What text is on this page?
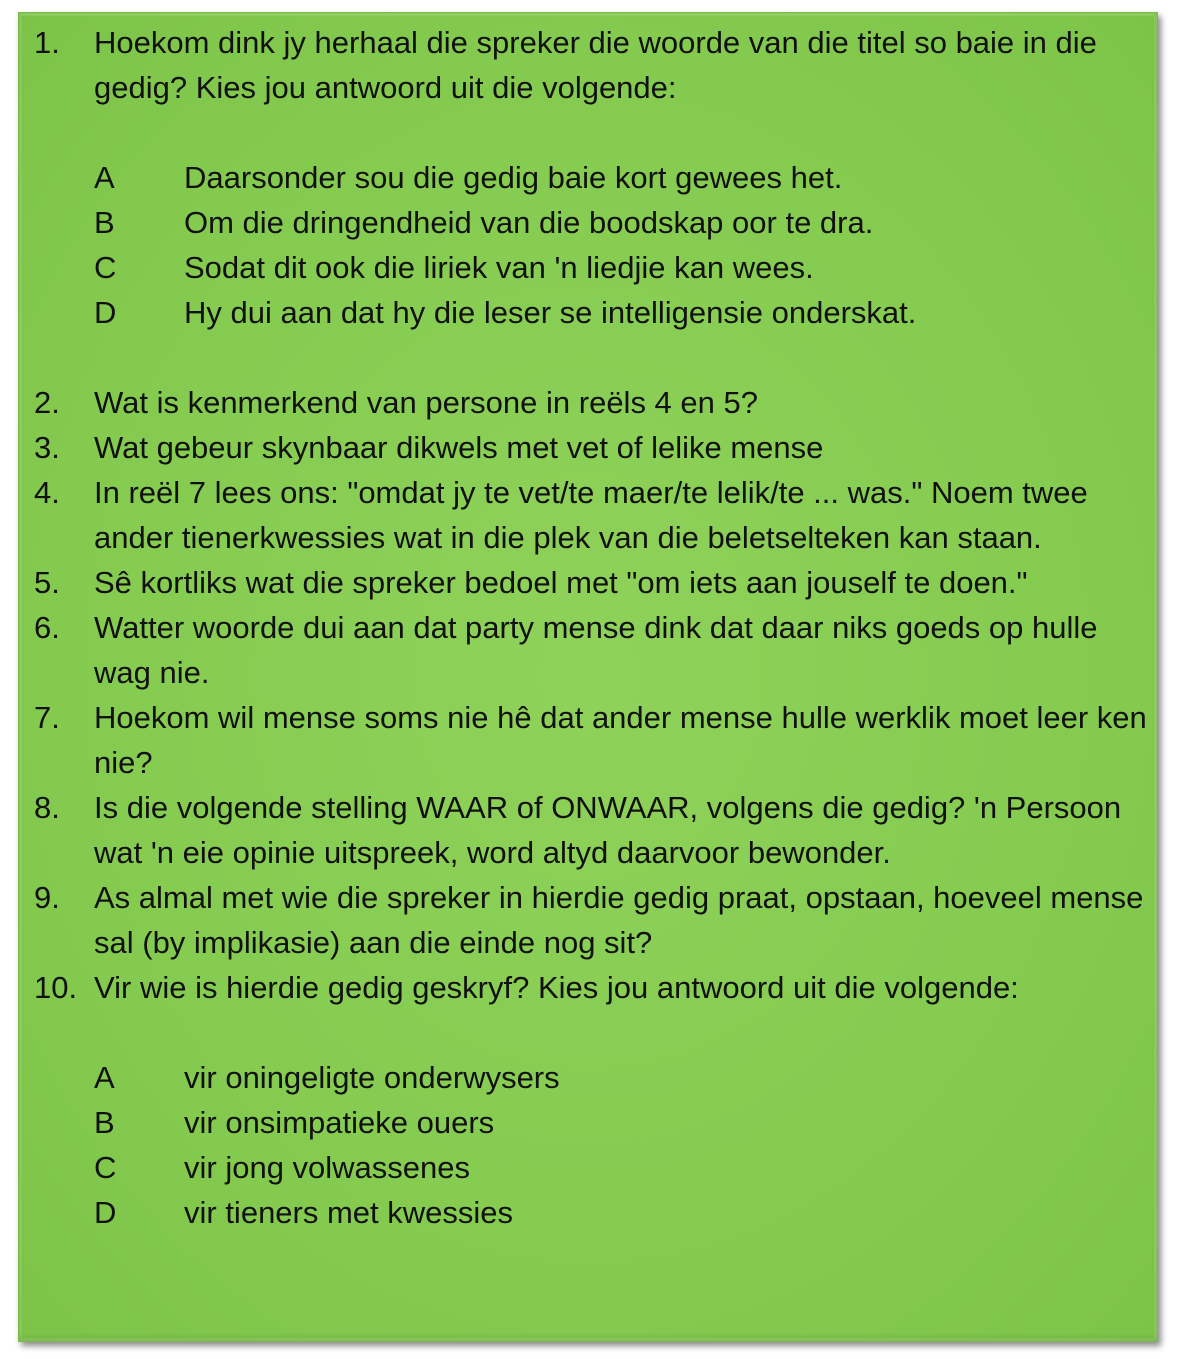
1.	Hoekom dink jy herhaal die spreker die woorde van die titel so baie in die gedig? Kies jou antwoord uit die volgende:
A	Daarsonder sou die gedig baie kort gewees het.
B	Om die dringendheid van die boodskap oor te dra.
C	Sodat dit ook die liriek van 'n liedjie kan wees.
D	Hy dui aan dat hy die leser se intelligensie onderskat.
2.	Wat is kenmerkend van persone in reëls 4 en 5?
3.	Wat gebeur skynbaar dikwels met vet of lelike mense
4.	In reël 7 lees ons: "omdat jy te vet/te maer/te lelik/te ... was." Noem twee ander tienerkwessies wat in die plek van die beletselteken kan staan.
5.	Sê kortliks wat die spreker bedoel met "om iets aan jouself te doen."
6.	Watter woorde dui aan dat party mense dink dat daar niks goeds op hulle wag nie.
7.	Hoekom wil mense soms nie hê dat ander mense hulle werklik moet leer ken nie?
8.	Is die volgende stelling WAAR of ONWAAR, volgens die gedig? 'n Persoon wat 'n eie opinie uitspreek, word altyd daarvoor bewonder.
9.	As almal met wie die spreker in hierdie gedig praat, opstaan, hoeveel mense sal (by implikasie) aan die einde nog sit?
10. Vir wie is hierdie gedig geskryf? Kies jou antwoord uit die volgende:
A	vir oningeligte onderwysers
B	vir onsimpatieke ouers
C	vir jong volwassenes
D	vir tieners met kwessies
